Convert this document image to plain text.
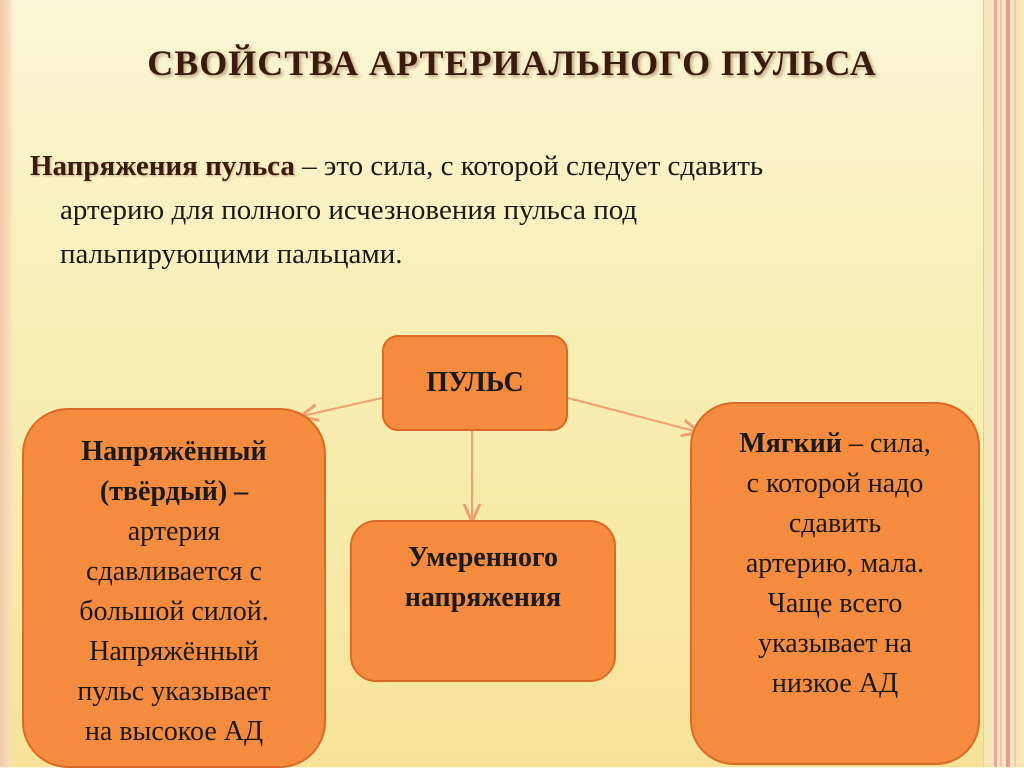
СВОЙСТВА АРТЕРИАЛЬНОГО ПУЛЬСА
Напряжения пульса – это сила, с которой следует сдавить
артерию для полного исчезновения пульса под
пальпирующими пальцами.
ПУЛЬС
Напряжённый
(твёрдый) –
артерия
сдавливается с
большой силой.
Напряжённый
пульс указывает
на высокое АД
Умеренного
напряжения
Мягкий – сила,
с которой надо
сдавить
артерию, мала.
Чаще всего
указывает на
низкое АД
